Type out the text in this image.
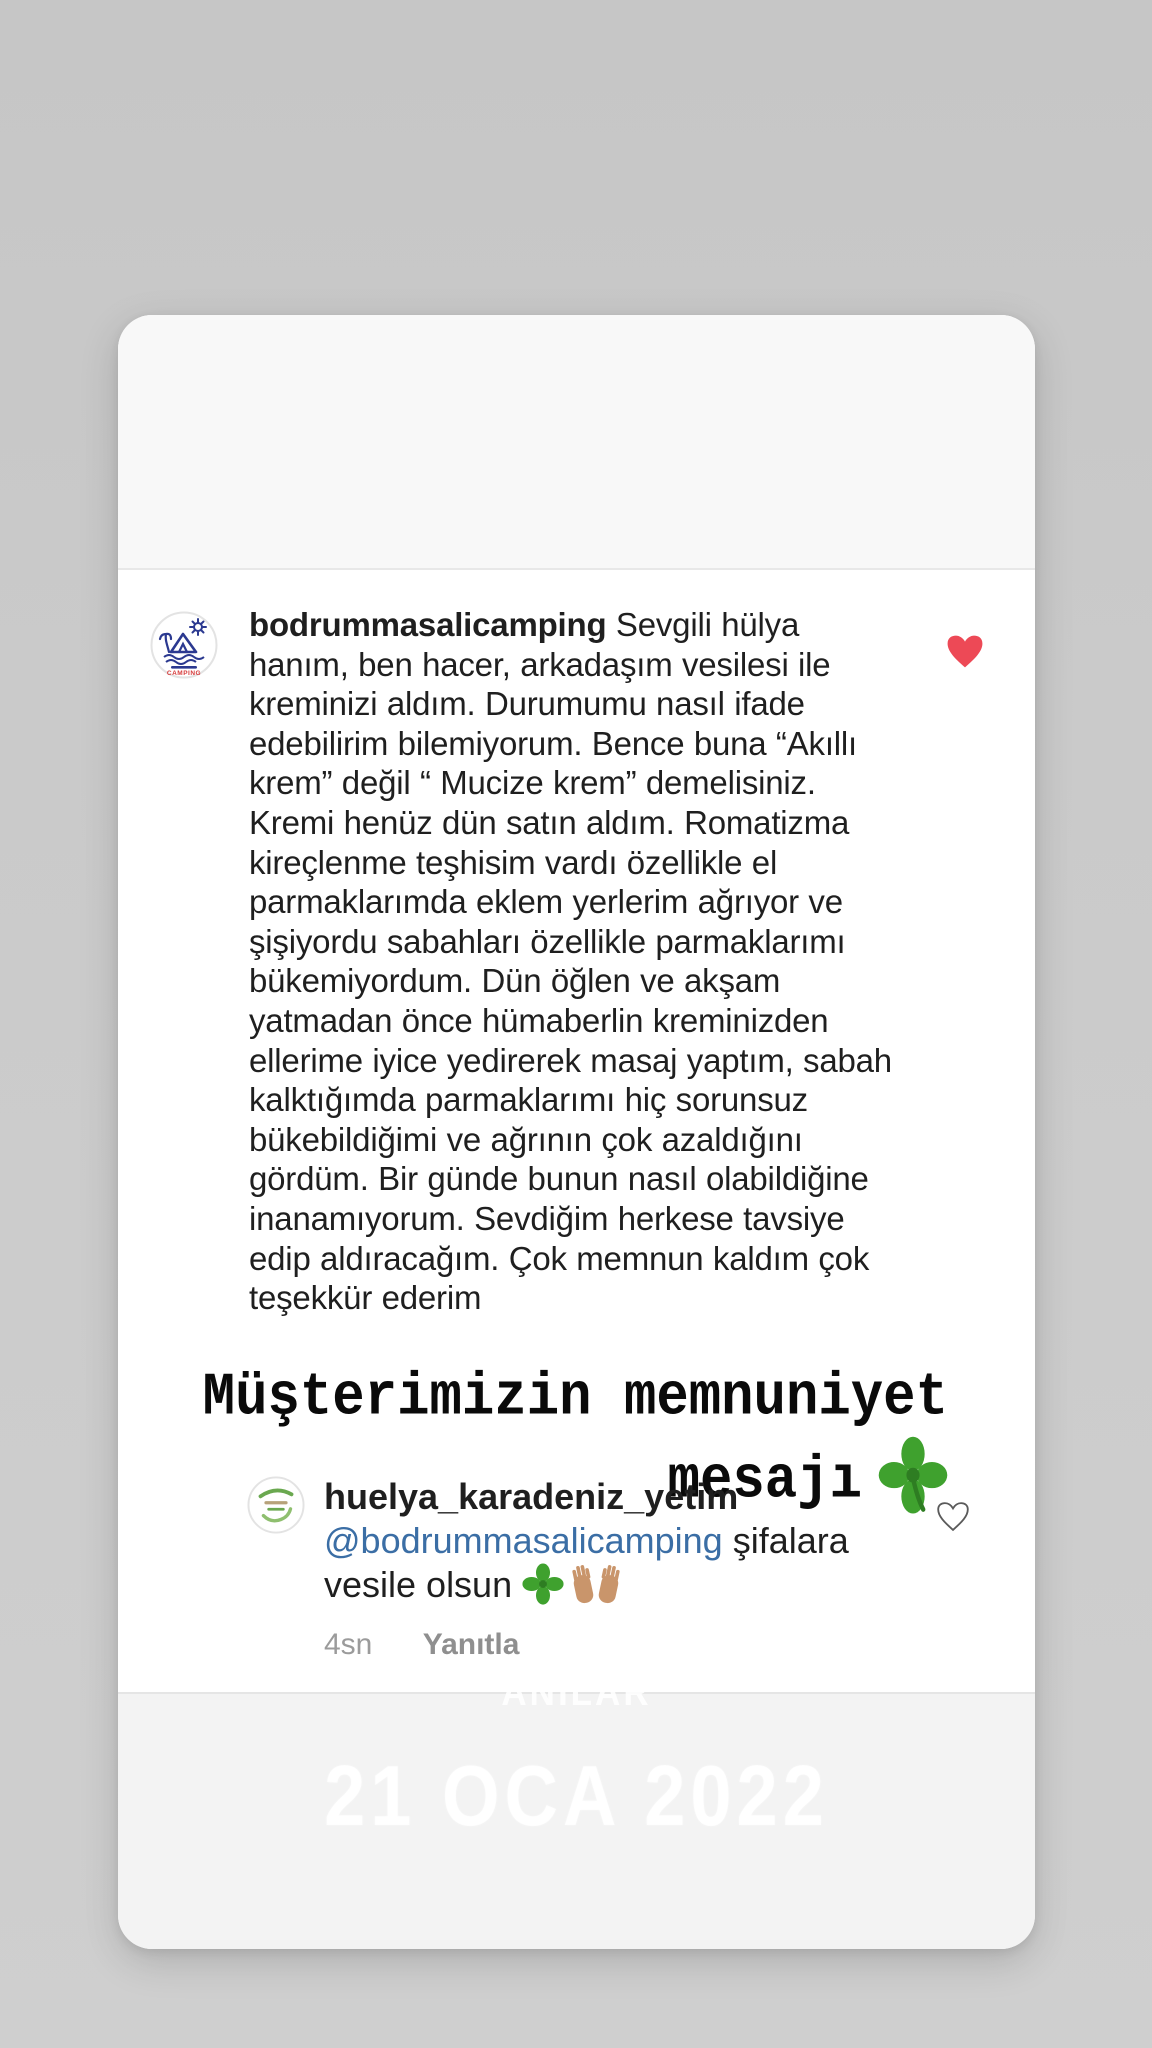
CAMPING

bodrummasalicamping Sevgili hülya hanım, ben hacer, arkadaşım vesilesi ile kreminizi aldım. Durumumu nasıl ifade edebilirim bilemiyorum. Bence buna “Akıllı krem” değil “ Mucize krem” demelisiniz. Kremi henüz dün satın aldım. Romatizma kireçlenme teşhisim vardı özellikle el parmaklarımda eklem yerlerim ağrıyor ve şişiyordu sabahları özellikle parmaklarımı bükemiyordum. Dün öğlen ve akşam yatmadan önce hümaberlin kreminizden ellerime iyice yedirerek masaj yaptım, sabah kalktığımda parmaklarımı hiç sorunsuz bükebildiğimi ve ağrının çok azaldığını gördüm. Bir günde bunun nasıl olabildiğine inanamıyorum. Sevdiğim herkese tavsiye edip aldıracağım. Çok memnun kaldım çok teşekkür ederim

Müşterimizin memnuniyet
mesajı
huelya_karadeniz_yetim
@bodrummasalicamping şifalara vesile olsun
4sn Yanıtla
ANILAR
21 OCA 2022
